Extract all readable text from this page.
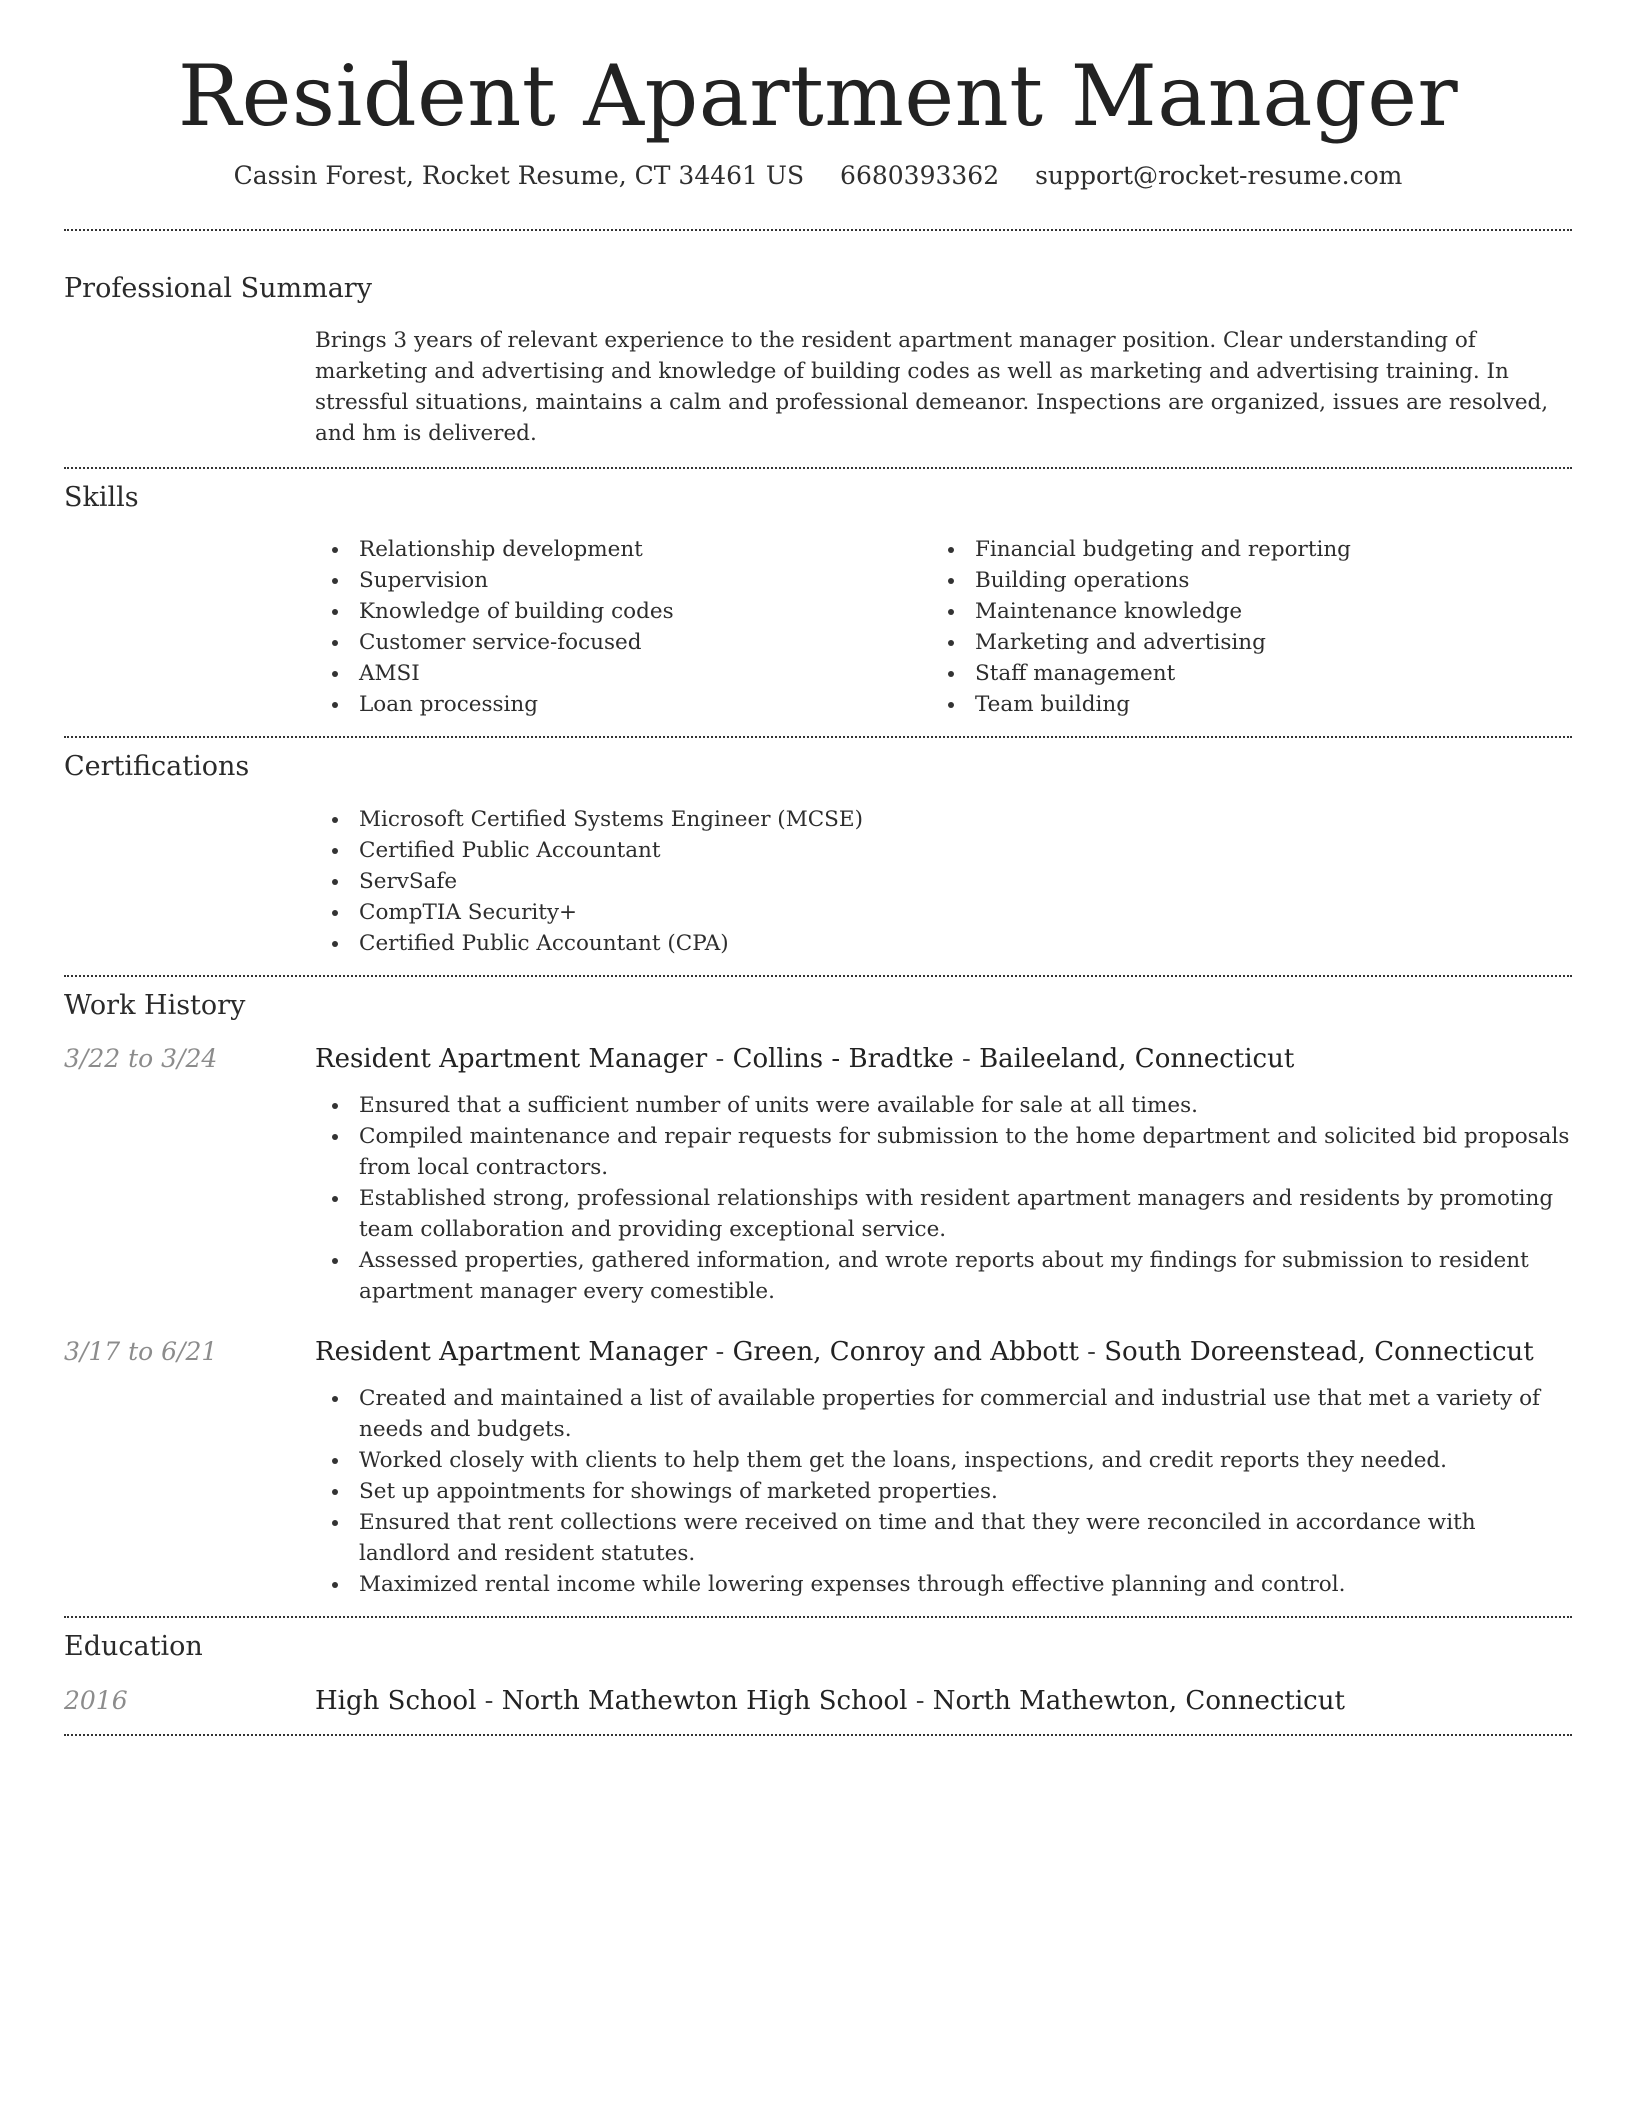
Resident Apartment Manager
Cassin Forest, Rocket Resume, CT 34461 US 6680393362 support@rocket-resume.com
Professional Summary

Brings 3 years of relevant experience to the resident apartment manager position. Clear understanding of marketing and advertising and knowledge of building codes as well as marketing and advertising training. In stressful situations, maintains a calm and professional demeanor. Inspections are organized, issues are resolved, and hm is delivered.

Skills
Relationship development
Supervision
Knowledge of building codes
Customer service-focused
AMSI
Loan processing
Financial budgeting and reporting
Building operations
Maintenance knowledge
Marketing and advertising
Staff management
Team building
Certifications
Microsoft Certified Systems Engineer (MCSE)
Certified Public Accountant
ServSafe
CompTIA Security+
Certified Public Accountant (CPA)
Work History
3/22 to 3/24	Resident Apartment Manager - Collins - Bradtke - Baileeland, Connecticut
Ensured that a sufficient number of units were available for sale at all times.
Compiled maintenance and repair requests for submission to the home department and solicited bid proposals from local contractors.
Established strong, professional relationships with resident apartment managers and residents by promoting team collaboration and providing exceptional service.
Assessed properties, gathered information, and wrote reports about my findings for submission to resident apartment manager every comestible.
3/17 to 6/21	Resident Apartment Manager - Green, Conroy and Abbott - South Doreenstead, Connecticut
Created and maintained a list of available properties for commercial and industrial use that met a variety of needs and budgets.
Worked closely with clients to help them get the loans, inspections, and credit reports they needed.
Set up appointments for showings of marketed properties.
Ensured that rent collections were received on time and that they were reconciled in accordance with landlord and resident statutes.
Maximized rental income while lowering expenses through effective planning and control.
Education
2016	High School - North Mathewton High School - North Mathewton, Connecticut
